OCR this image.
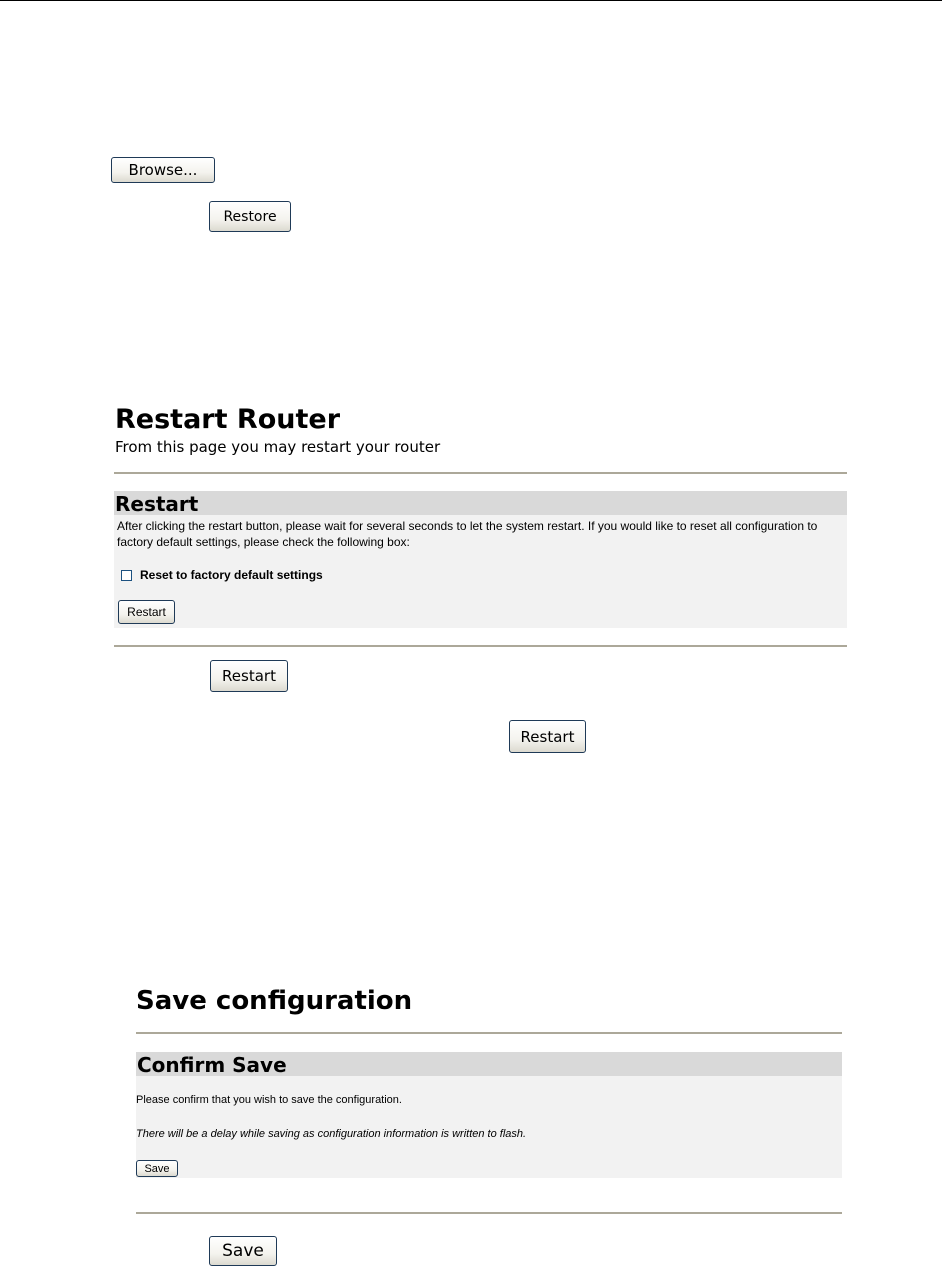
Browse...
Restore
Restart Router
From this page you may restart your router
Restart
After clicking the restart button, please wait for several seconds to let the system restart. If you would like to reset all configuration to factory default settings, please check the following box:
Reset to factory default settings
Restart
Restart
Restart
Save configuration
Confirm Save
Please confirm that you wish to save the configuration.
There will be a delay while saving as configuration information is written to flash.
Save
Save
